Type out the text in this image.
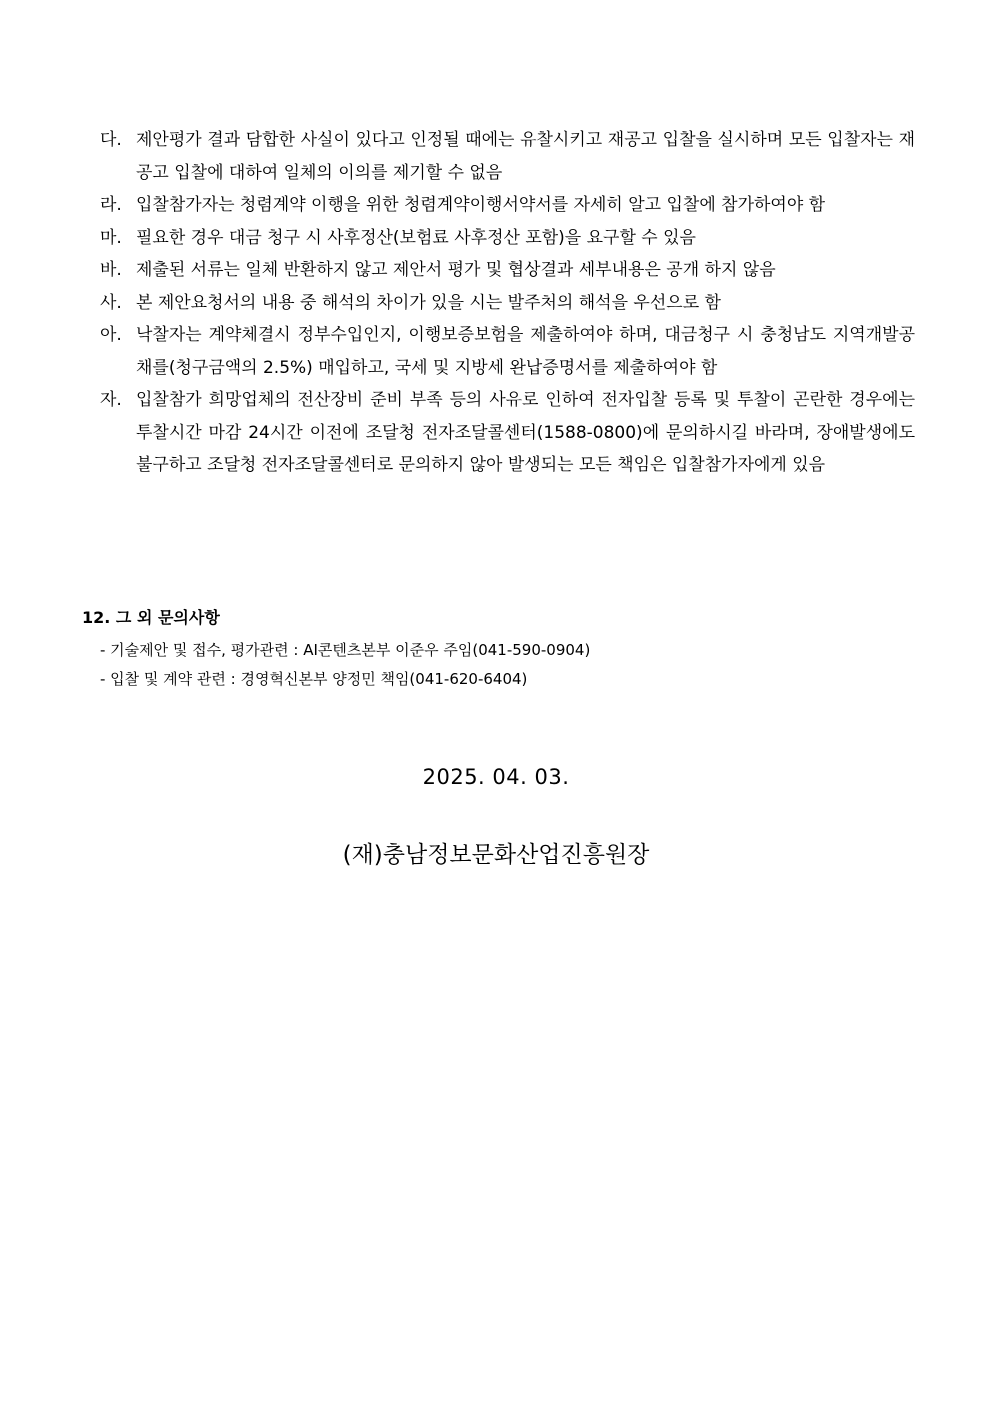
다. 제안평가 결과 담합한 사실이 있다고 인정될 때에는 유찰시키고 재공고 입찰을 실시하며 모든 입찰자는 재공고 입찰에 대하여 일체의 이의를 제기할 수 없음
라. 입찰참가자는 청렴계약 이행을 위한 청렴계약이행서약서를 자세히 알고 입찰에 참가하여야 함
마. 필요한 경우 대금 청구 시 사후정산(보험료 사후정산 포함)을 요구할 수 있음
바. 제출된 서류는 일체 반환하지 않고 제안서 평가 및 협상결과 세부내용은 공개 하지 않음
사. 본 제안요청서의 내용 중 해석의 차이가 있을 시는 발주처의 해석을 우선으로 함
아. 낙찰자는 계약체결시 정부수입인지, 이행보증보험을 제출하여야 하며, 대금청구 시 충청남도 지역개발공채를(청구금액의 2.5%) 매입하고, 국세 및 지방세 완납증명서를 제출하여야 함
자. 입찰참가 희망업체의 전산장비 준비 부족 등의 사유로 인하여 전자입찰 등록 및 투찰이 곤란한 경우에는 투찰시간 마감 24시간 이전에 조달청 전자조달콜센터(1588-0800)에 문의하시길 바라며, 장애발생에도 불구하고 조달청 전자조달콜센터로 문의하지 않아 발생되는 모든 책임은 입찰참가자에게 있음
12. 그 외 문의사항
- 기술제안 및 접수, 평가관련 : AI콘텐츠본부 이준우 주임(041-590-0904)
- 입찰 및 계약 관련 : 경영혁신본부 양정민 책임(041-620-6404)
2025. 04. 03.
(재)충남정보문화산업진흥원장
